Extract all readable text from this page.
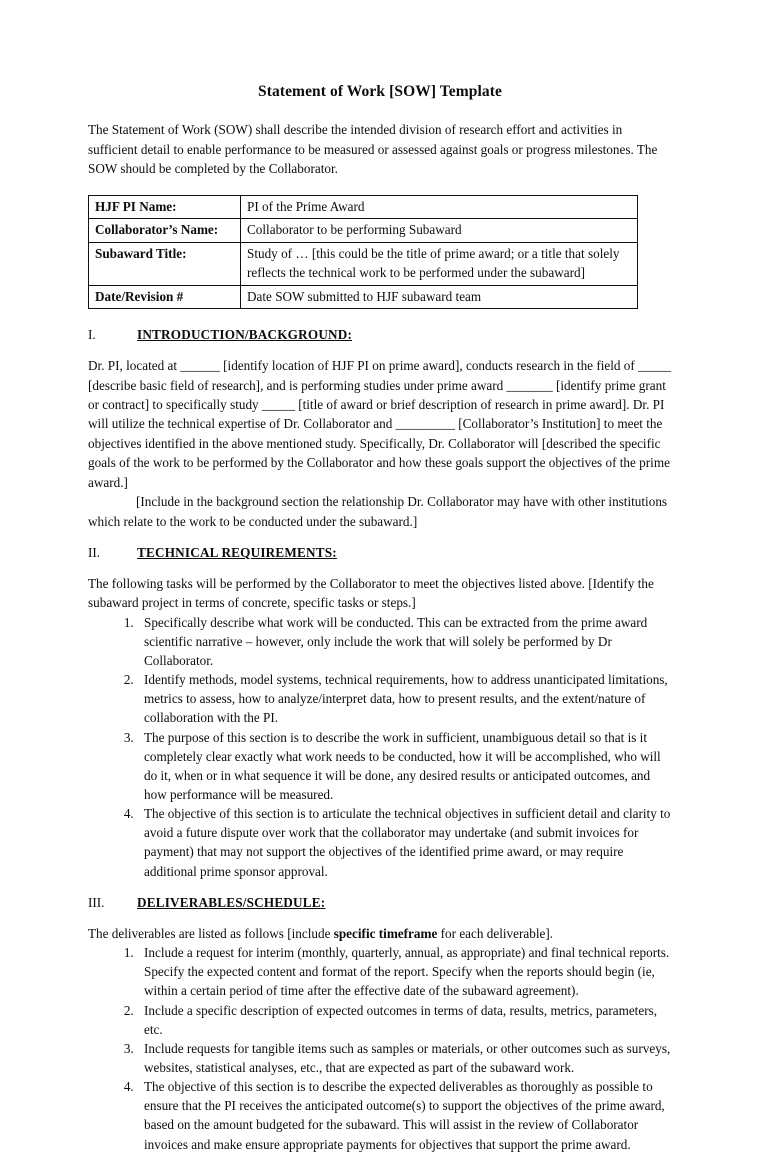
Statement of Work [SOW] Template

The Statement of Work (SOW) shall describe the intended division of research effort and activities in sufficient detail to enable performance to be measured or assessed against goals or progress milestones. The SOW should be completed by the Collaborator.

HJF PI Name:	PI of the Prime Award
Collaborator’s Name:	Collaborator to be performing Subaward
Subaward Title:	Study of … [this could be the title of prime award; or a title that solely reflects the technical work to be performed under the subaward]
Date/Revision #	Date SOW submitted to HJF subaward team
I.	INTRODUCTION/BACKGROUND:

Dr. PI, located at ______ [identify location of HJF PI on prime award], conducts research in the field of _____ [describe basic field of research], and is performing studies under prime award _______ [identify prime grant or contract] to specifically study _____ [title of award or brief description of research in prime award]. Dr. PI will utilize the technical expertise of Dr. Collaborator and _________ [Collaborator’s Institution] to meet the objectives identified in the above mentioned study. Specifically, Dr. Collaborator will [described the specific goals of the work to be performed by the Collaborator and how these goals support the objectives of the prime award.]

[Include in the background section the relationship Dr. Collaborator may have with other institutions which relate to the work to be conducted under the subaward.]

II.	TECHNICAL REQUIREMENTS:

The following tasks will be performed by the Collaborator to meet the objectives listed above. [Identify the subaward project in terms of concrete, specific tasks or steps.]

1. Specifically describe what work will be conducted. This can be extracted from the prime award scientific narrative – however, only include the work that will solely be performed by Dr Collaborator.
2. Identify methods, model systems, technical requirements, how to address unanticipated limitations, metrics to assess, how to analyze/interpret data, how to present results, and the extent/nature of collaboration with the PI.
3. The purpose of this section is to describe the work in sufficient, unambiguous detail so that is it completely clear exactly what work needs to be conducted, how it will be accomplished, who will do it, when or in what sequence it will be done, any desired results or anticipated outcomes, and how performance will be measured.
4. The objective of this section is to articulate the technical objectives in sufficient detail and clarity to avoid a future dispute over work that the collaborator may undertake (and submit invoices for payment) that may not support the objectives of the identified prime award, or may require additional prime sponsor approval.
III. DELIVERABLES/SCHEDULE:

The deliverables are listed as follows [include specific timeframe for each deliverable].

1. Include a request for interim (monthly, quarterly, annual, as appropriate) and final technical reports. Specify the expected content and format of the report. Specify when the reports should begin (ie, within a certain period of time after the effective date of the subaward agreement).
2. Include a specific description of expected outcomes in terms of data, results, metrics, parameters, etc.
3. Include requests for tangible items such as samples or materials, or other outcomes such as surveys, websites, statistical analyses, etc., that are expected as part of the subaward work.
4. The objective of this section is to describe the expected deliverables as thoroughly as possible to ensure that the PI receives the anticipated outcome(s) to support the objectives of the prime award, based on the amount budgeted for the subaward. This will assist in the review of Collaborator invoices and make ensure appropriate payments for objectives that support the prime award.
